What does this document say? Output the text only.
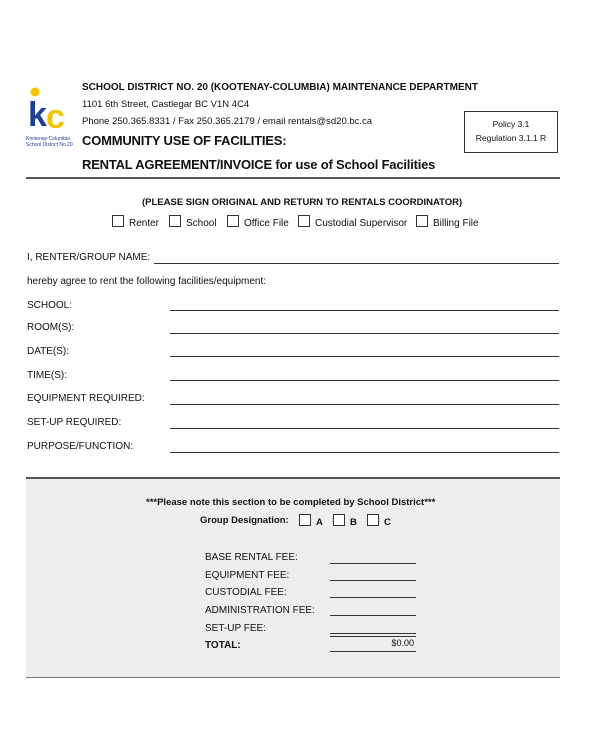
k c
Kootenay-Columbia
School District No.20
SCHOOL DISTRICT NO. 20 (KOOTENAY-COLUMBIA) MAINTENANCE DEPARTMENT
1101 6th Street, Castlegar BC V1N 4C4
Phone 250.365.8331 / Fax 250.365.2179 / email rentals@sd20.bc.ca
COMMUNITY USE OF FACILITIES:
RENTAL AGREEMENT/INVOICE for use of School Facilities
Policy 3.1
Regulation 3.1.1 R
(PLEASE SIGN ORIGINAL AND RETURN TO RENTALS COORDINATOR)
Renter	School	Office File	Custodial Supervisor	Billing File
I, RENTER/GROUP NAME:
hereby agree to rent the following facilities/equipment:
SCHOOL:
ROOM(S):
DATE(S):
TIME(S):
EQUIPMENT REQUIRED:
SET-UP REQUIRED:
PURPOSE/FUNCTION:
***Please note this section to be completed by School District***
Group Designation:	A	B	C
BASE RENTAL FEE:
EQUIPMENT FEE:
CUSTODIAL FEE:
ADMINISTRATION FEE:
SET-UP FEE:
TOTAL:	$0.00
